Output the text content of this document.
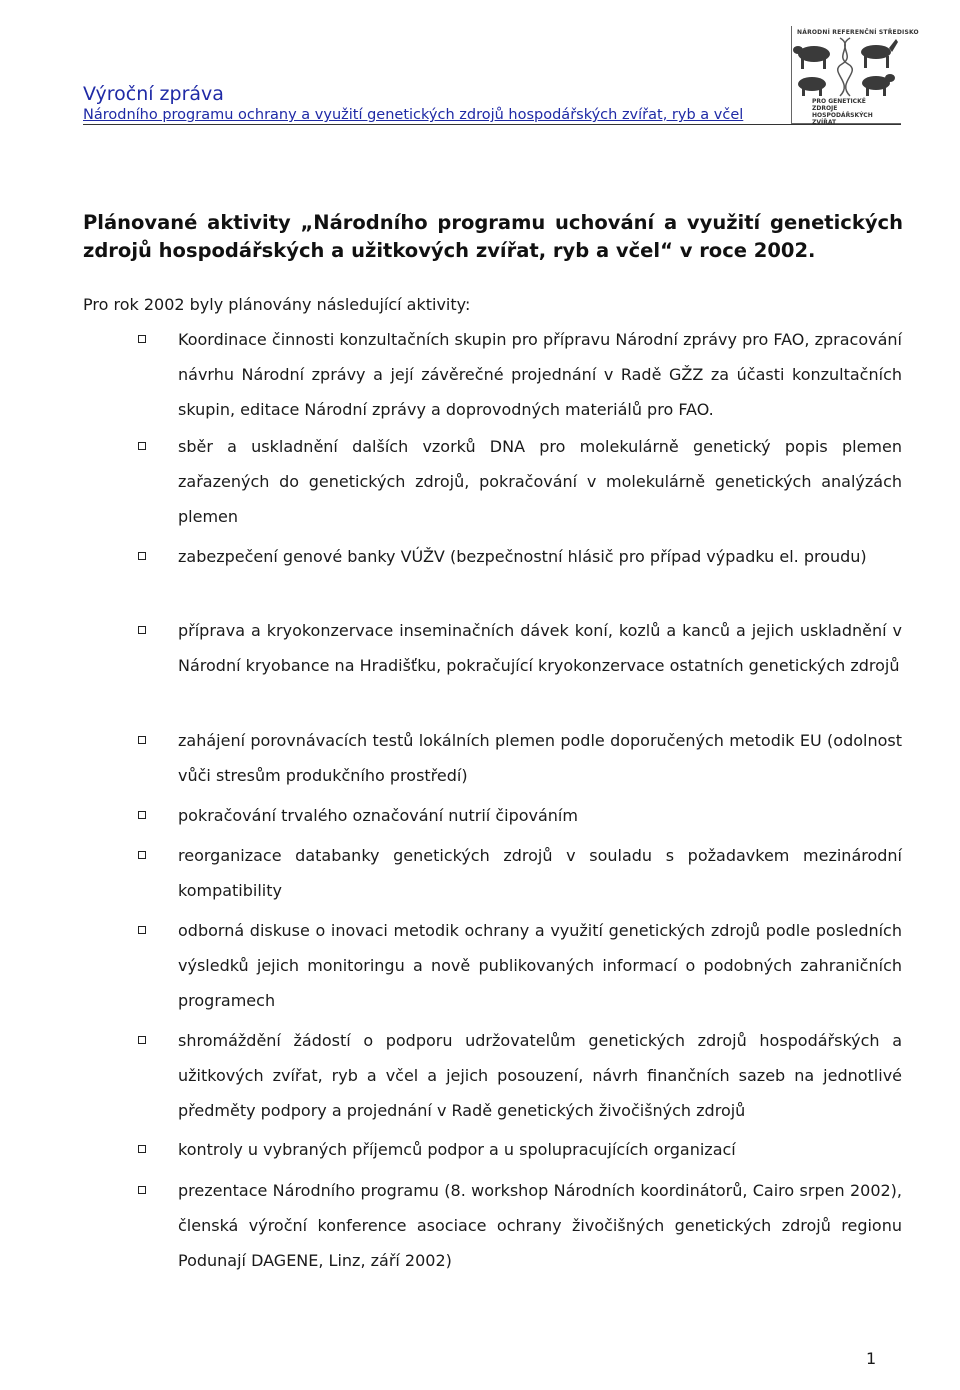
Výroční zpráva
Národního programu ochrany a využití genetických zdrojů hospodářských zvířat, ryb a včel
NÁRODNÍ REFERENČNÍ STŘEDISKO
PRO GENETICKÉ ZDROJE HOSPODÁŘSKÝCH ZVÍŘAT
Plánované aktivity „Národního programu uchování a využití genetických zdrojů hospodářských a užitkových zvířat, ryb a včel“ v roce 2002.
Pro rok 2002 byly plánovány následující aktivity:
Koordinace činnosti konzultačních skupin pro přípravu Národní zprávy pro FAO, zpracování návrhu Národní zprávy a její závěrečné projednání v Radě GŽZ za účasti konzultačních skupin, editace Národní zprávy a doprovodných materiálů pro FAO.
sběr a uskladnění dalších vzorků DNA pro molekulárně genetický popis plemen zařazených do genetických zdrojů, pokračování v molekulárně genetických analýzách plemen
zabezpečení genové banky VÚŽV (bezpečnostní hlásič pro případ výpadku el. proudu)
příprava a kryokonzervace inseminačních dávek koní, kozlů a kanců a jejich uskladnění v Národní kryobance na Hradišťku, pokračující kryokonzervace ostatních genetických zdrojů
zahájení porovnávacích testů lokálních plemen podle doporučených metodik EU (odolnost vůči stresům produkčního prostředí)
pokračování trvalého označování nutrií čipováním
reorganizace databanky genetických zdrojů v souladu s požadavkem mezinárodní kompatibility
odborná diskuse o inovaci metodik ochrany a využití genetických zdrojů podle posledních výsledků jejich monitoringu a nově publikovaných informací o podobných zahraničních programech
shromáždění žádostí o podporu udržovatelům genetických zdrojů hospodářských a užitkových zvířat, ryb a včel a jejich posouzení, návrh finančních sazeb na jednotlivé předměty podpory a projednání v Radě genetických živočišných zdrojů
kontroly u vybraných příjemců podpor a u spolupracujících organizací
prezentace Národního programu (8. workshop Národních koordinátorů, Cairo srpen 2002), členská výroční konference asociace ochrany živočišných genetických zdrojů regionu Podunají DAGENE, Linz, září 2002)
1
